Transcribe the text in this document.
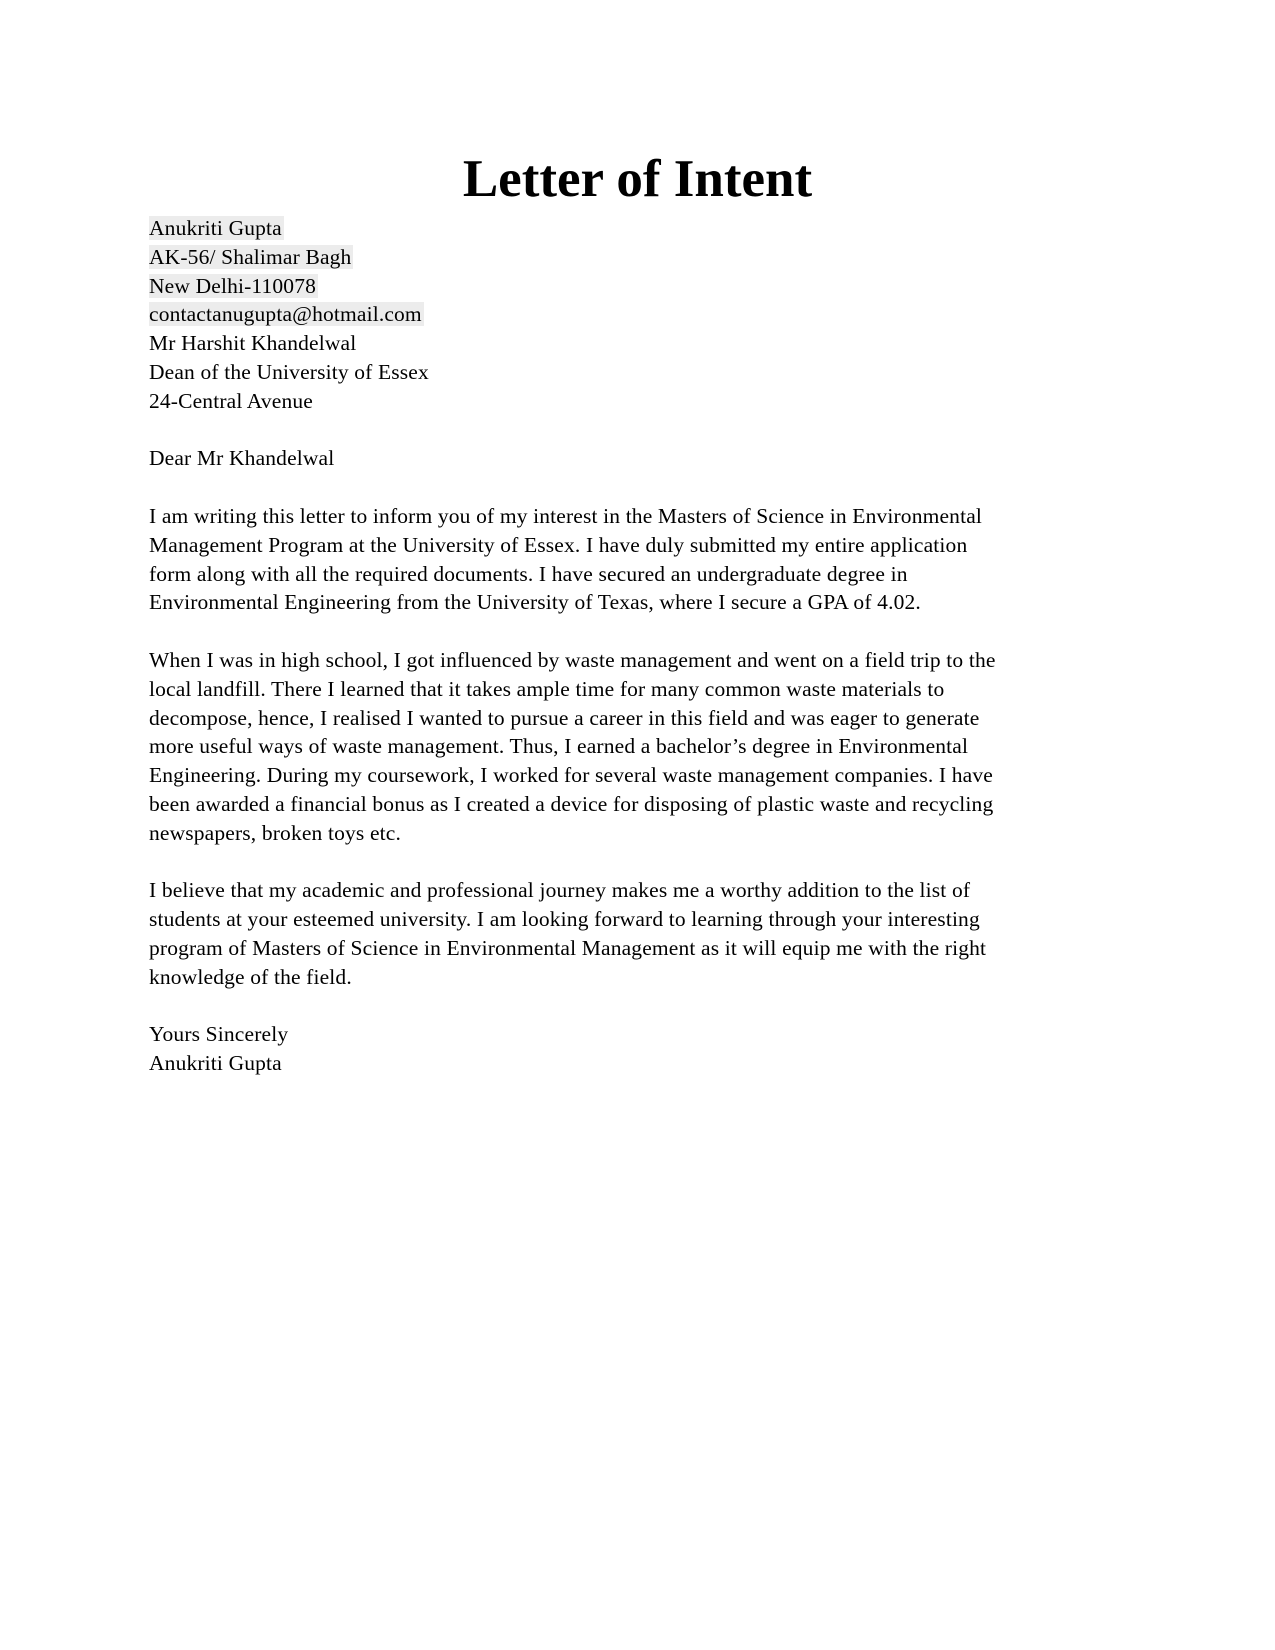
Letter of Intent
Anukriti Gupta
AK-56/ Shalimar Bagh
New Delhi-110078
contactanugupta@hotmail.com
Mr Harshit Khandelwal
Dean of the University of Essex
24-Central Avenue
Dear Mr Khandelwal
I am writing this letter to inform you of my interest in the Masters of Science in Environmental
Management Program at the University of Essex. I have duly submitted my entire application
form along with all the required documents. I have secured an undergraduate degree in
Environmental Engineering from the University of Texas, where I secure a GPA of 4.02.
When I was in high school, I got influenced by waste management and went on a field trip to the
local landfill. There I learned that it takes ample time for many common waste materials to
decompose, hence, I realised I wanted to pursue a career in this field and was eager to generate
more useful ways of waste management. Thus, I earned a bachelor’s degree in Environmental
Engineering. During my coursework, I worked for several waste management companies. I have
been awarded a financial bonus as I created a device for disposing of plastic waste and recycling
newspapers, broken toys etc.
I believe that my academic and professional journey makes me a worthy addition to the list of
students at your esteemed university. I am looking forward to learning through your interesting
program of Masters of Science in Environmental Management as it will equip me with the right
knowledge of the field.
Yours Sincerely
Anukriti Gupta
